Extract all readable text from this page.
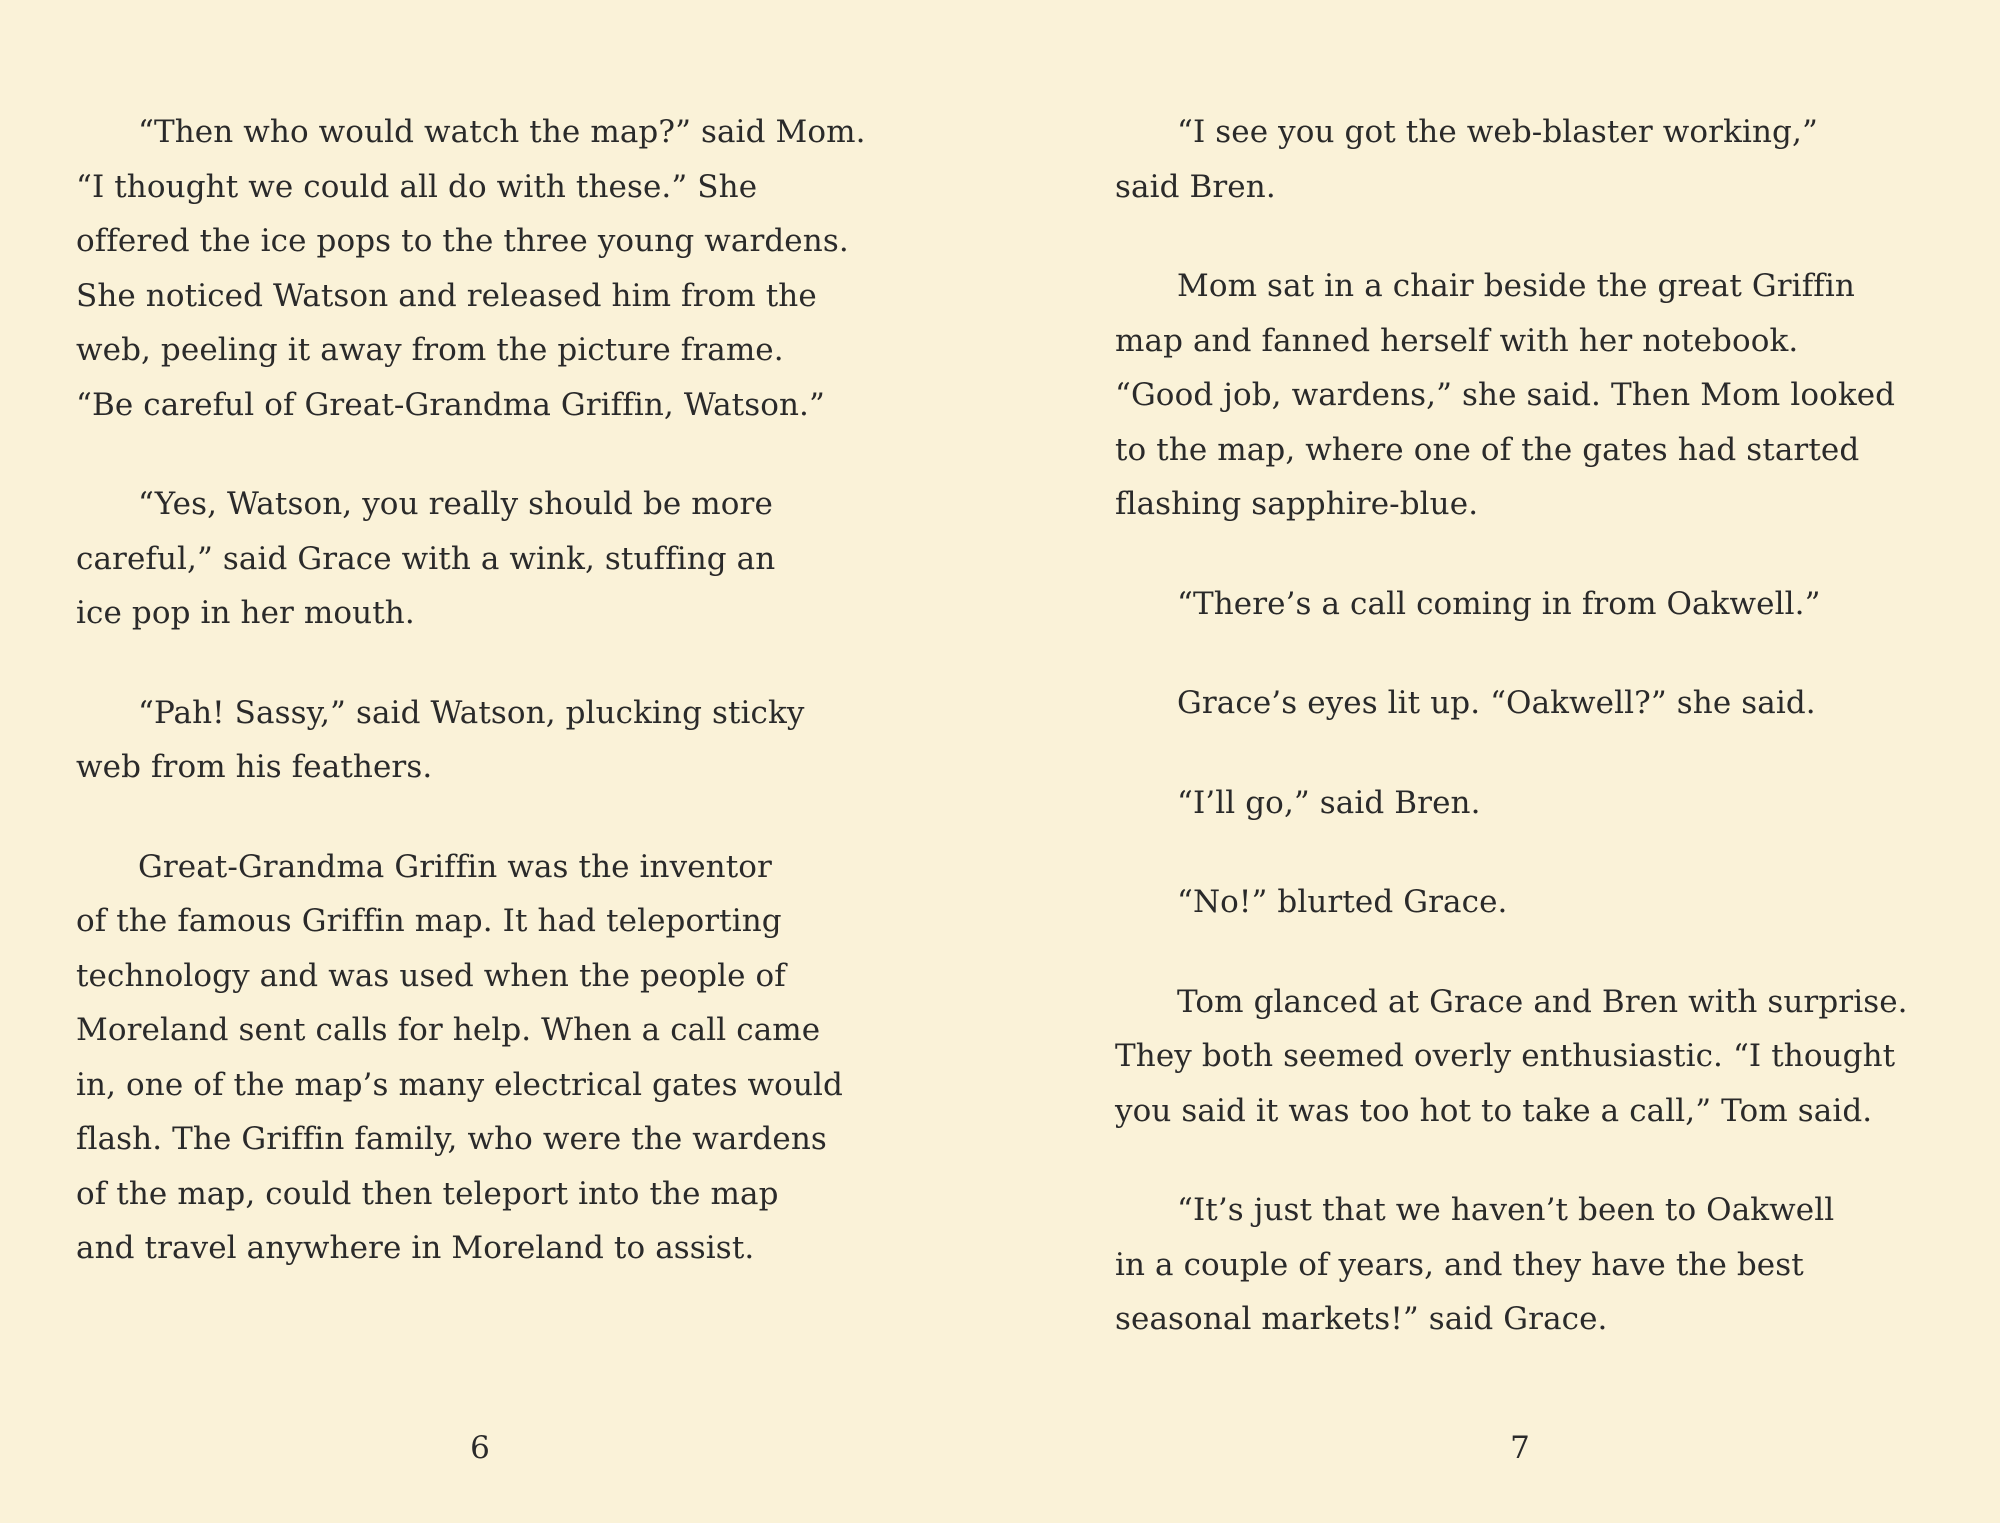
“Then who would watch the map?” said Mom.
“I thought we could all do with these.” She
offered the ice pops to the three young wardens.
She noticed Watson and released him from the
web, peeling it away from the picture frame.
“Be careful of Great-Grandma Griffin, Watson.”

“Yes, Watson, you really should be more
careful,” said Grace with a wink, stuffing an
ice pop in her mouth.

“Pah! Sassy,” said Watson, plucking sticky
web from his feathers.

Great-Grandma Griffin was the inventor
of the famous Griffin map. It had teleporting
technology and was used when the people of
Moreland sent calls for help. When a call came
in, one of the map’s many electrical gates would
flash. The Griffin family, who were the wardens
of the map, could then teleport into the map
and travel anywhere in Moreland to assist.

6

“I see you got the web-blaster working,”
said Bren.

Mom sat in a chair beside the great Griffin
map and fanned herself with her notebook.
“Good job, wardens,” she said. Then Mom looked
to the map, where one of the gates had started
flashing sapphire-blue.

“There’s a call coming in from Oakwell.”

Grace’s eyes lit up. “Oakwell?” she said.

“I’ll go,” said Bren.

“No!” blurted Grace.

Tom glanced at Grace and Bren with surprise.
They both seemed overly enthusiastic. “I thought
you said it was too hot to take a call,” Tom said.

“It’s just that we haven’t been to Oakwell
in a couple of years, and they have the best
seasonal markets!” said Grace.

7
